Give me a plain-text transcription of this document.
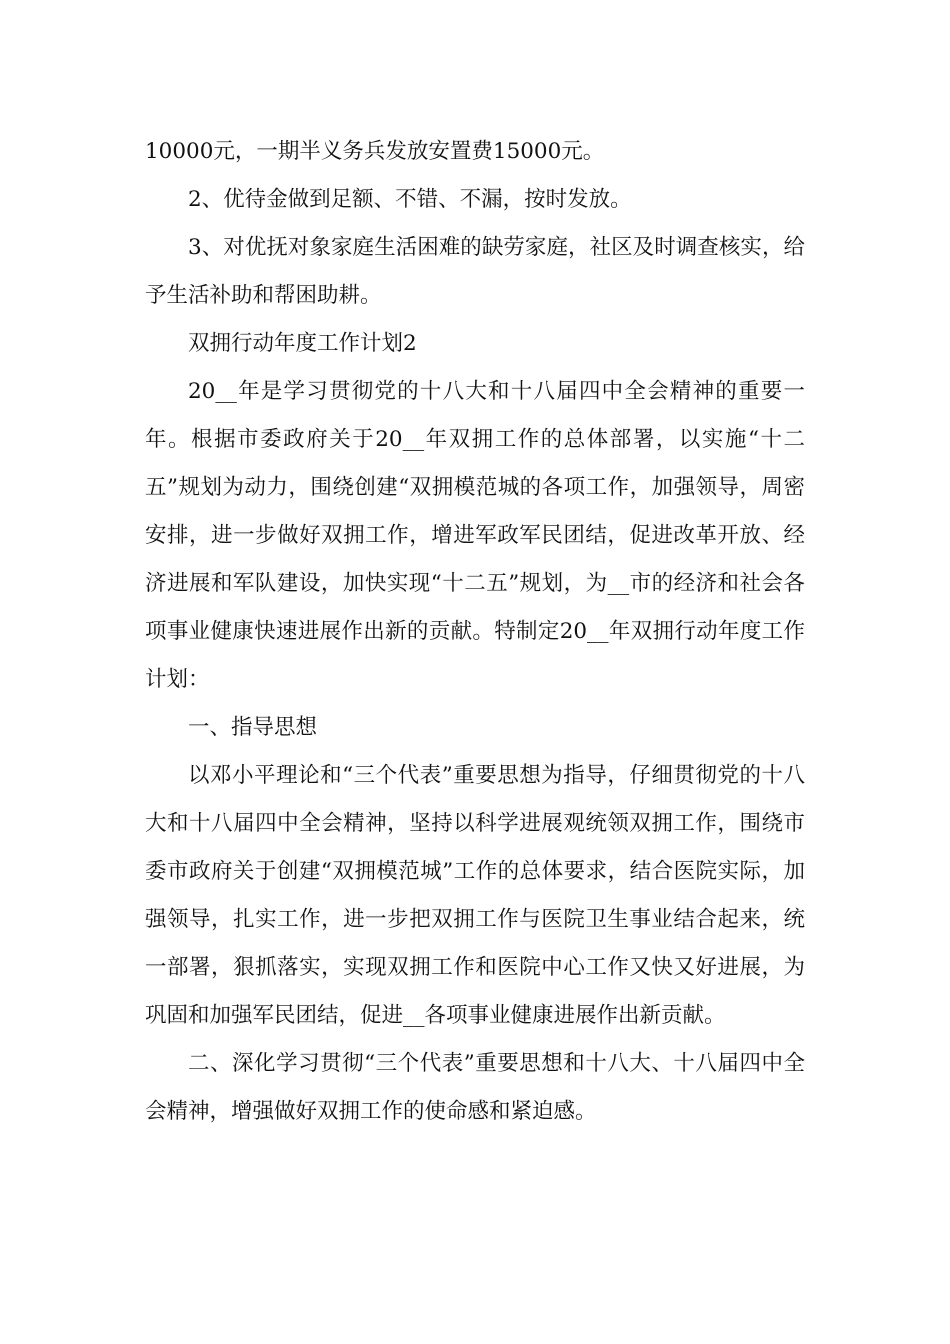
10000元，一期半义务兵发放安置费15000元。

2、优待金做到足额、不错、不漏，按时发放。

3、对优抚对象家庭生活困难的缺劳家庭，社区及时调查核实，给予生活补助和帮困助耕。

双拥行动年度工作计划2

20__年是学习贯彻党的十八大和十八届四中全会精神的重要一年。根据市委政府关于20__年双拥工作的总体部署，以实施“十二五”规划为动力，围绕创建“双拥模范城的各项工作，加强领导，周密安排，进一步做好双拥工作，增进军政军民团结，促进改革开放、经济进展和军队建设，加快实现“十二五”规划，为__市的经济和社会各项事业健康快速进展作出新的贡献。特制定20__年双拥行动年度工作计划：

一、指导思想

以邓小平理论和“三个代表”重要思想为指导，仔细贯彻党的十八大和十八届四中全会精神，坚持以科学进展观统领双拥工作，围绕市委市政府关于创建“双拥模范城”工作的总体要求，结合医院实际，加强领导，扎实工作，进一步把双拥工作与医院卫生事业结合起来，统一部署，狠抓落实，实现双拥工作和医院中心工作又快又好进展，为巩固和加强军民团结，促进__各项事业健康进展作出新贡献。

二、深化学习贯彻“三个代表”重要思想和十八大、十八届四中全会精神，增强做好双拥工作的使命感和紧迫感。
